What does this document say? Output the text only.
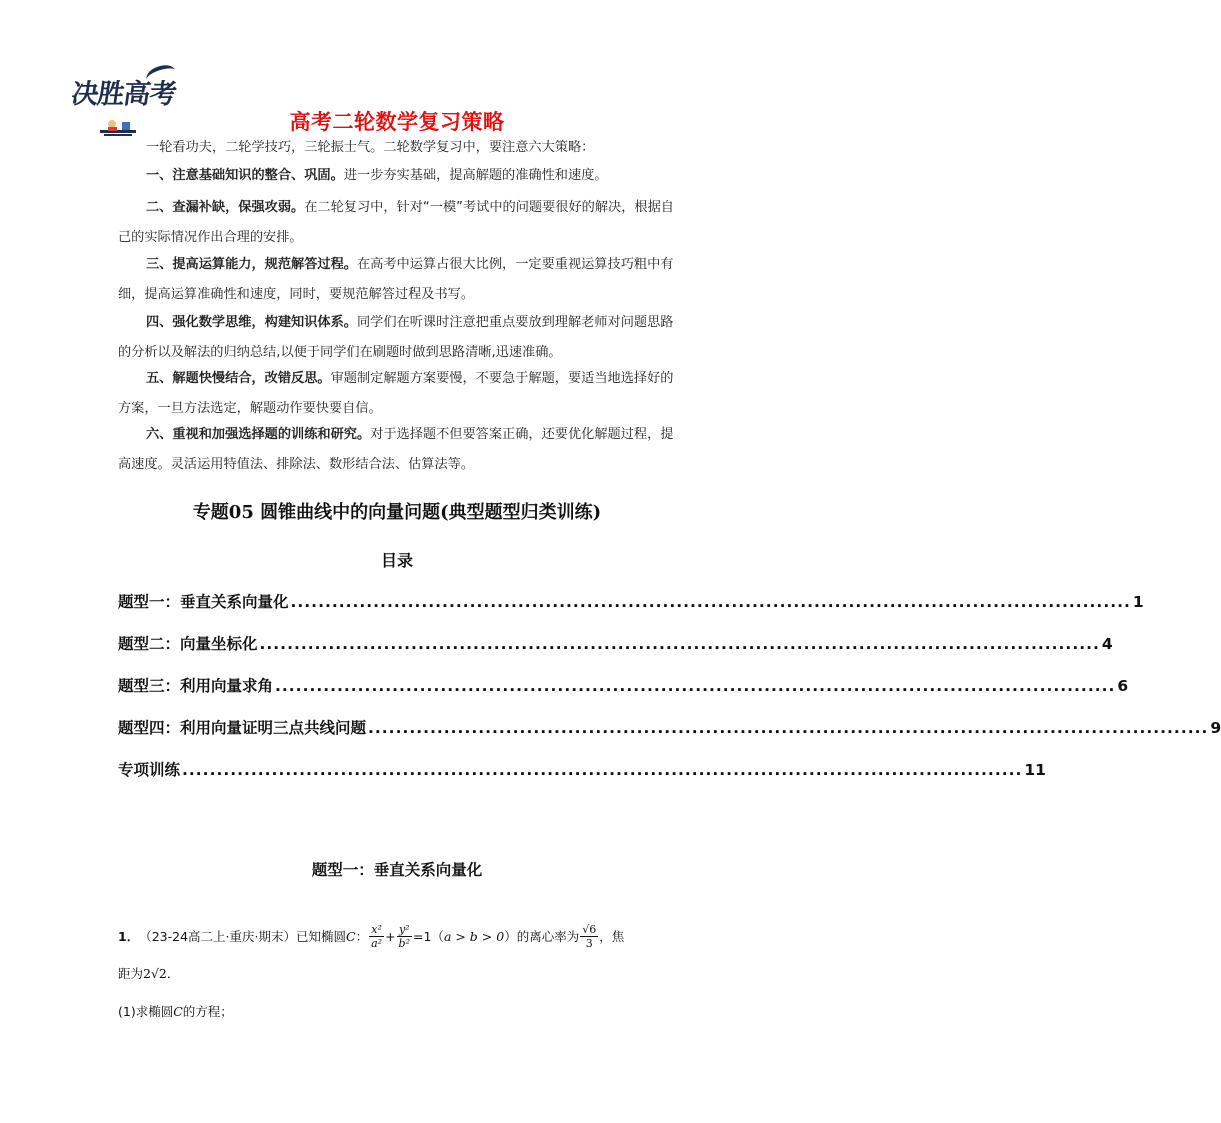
决胜高考
高考二轮数学复习策略

一轮看功夫，二轮学技巧，三轮振士气。二轮数学复习中，要注意六大策略：

一、注意基础知识的整合、巩固。进一步夯实基础，提高解题的准确性和速度。

二、查漏补缺，保强攻弱。在二轮复习中，针对“一模”考试中的问题要很好的解决，根据自己的实际情况作出合理的安排。

三、提高运算能力，规范解答过程。在高考中运算占很大比例，一定要重视运算技巧粗中有细，提高运算准确性和速度，同时，要规范解答过程及书写。

四、强化数学思维，构建知识体系。同学们在听课时注意把重点要放到理解老师对问题思路的分析以及解法的归纳总结,以便于同学们在刷题时做到思路清晰,迅速准确。

五、解题快慢结合，改错反思。审题制定解题方案要慢，不要急于解题，要适当地选择好的方案，一旦方法选定，解题动作要快要自信。

六、重视和加强选择题的训练和研究。对于选择题不但要答案正确，还要优化解题过程，提高速度。灵活运用特值法、排除法、数形结合法、估算法等。

专题05 圆锥曲线中的向量问题(典型题型归类训练)
目录
题型一：垂直关系向量化 .......................................................................................................................... 1
题型二：向量坐标化 .......................................................................................................................... 4
题型三：利用向量求角 .......................................................................................................................... 6
题型四：利用向量证明三点共线问题 .......................................................................................................................... 9
专项训练 .......................................................................................................................... 11
题型一：垂直关系向量化
1． （23-24高二上·重庆·期末） 已知椭圆 C ： $\frac{\text{x²}}{\text{a²}} + \frac{\text{y²}}{\text{b²}} =1$（ a > b > 0 ）的离心率为 $\frac{√6}{3}$ ，焦
距为2√2．
(1)求椭圆C的方程；
